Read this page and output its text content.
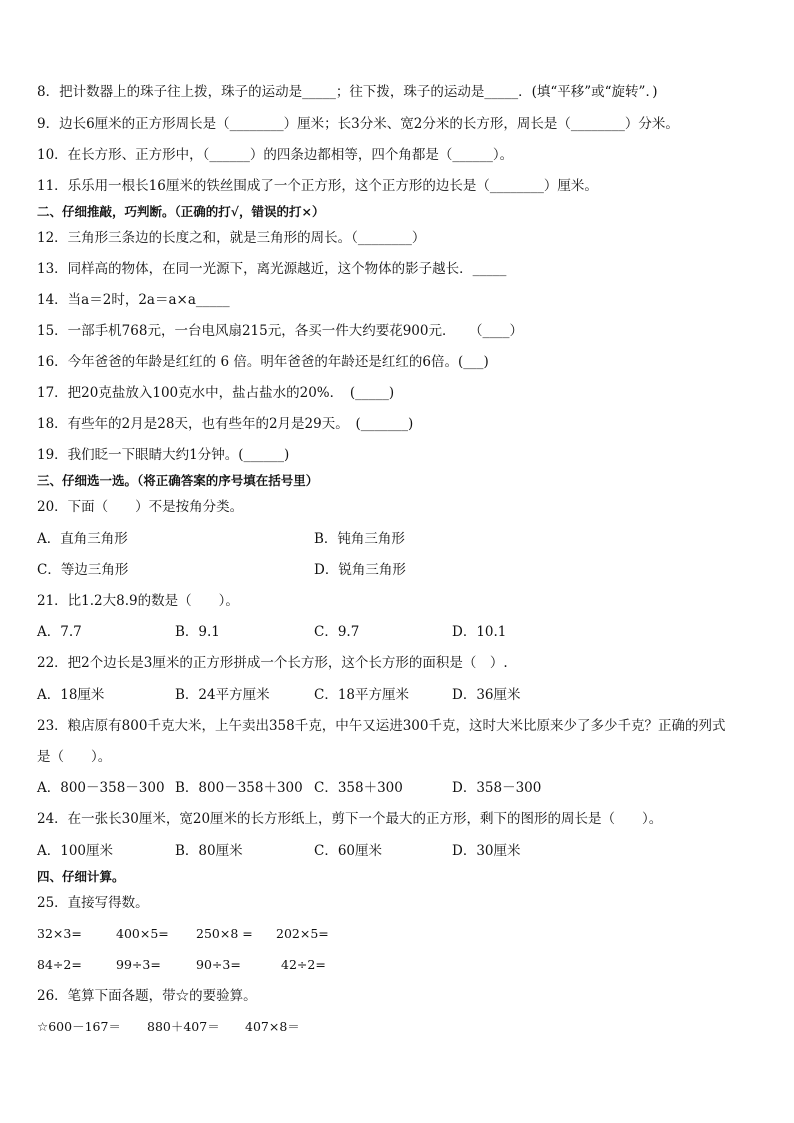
8．把计数器上的珠子往上拨，珠子的运动是_____；往下拨，珠子的运动是_____．(填“平移”或“旋转”．)
9．边长6厘米的正方形周长是（________）厘米；长3分米、宽2分米的长方形，周长是（________）分米。
10．在长方形、正方形中，（______）的四条边都相等，四个角都是（______）。
11．乐乐用一根长16厘米的铁丝围成了一个正方形，这个正方形的边长是（________）厘米。
二、仔细推敲，巧判断。（正确的打√，错误的打×）
12．三角形三条边的长度之和，就是三角形的周长。（________）
13．同样高的物体，在同一光源下，离光源越近，这个物体的影子越长．_____
14．当a＝2时，2a＝a×a_____
15．一部手机768元，一台电风扇215元，各买一件大约要花900元．　　（____）
16．今年爸爸的年龄是红红的 6 倍。明年爸爸的年龄还是红红的6倍。(___)
17．把20克盐放入100克水中，盐占盐水的20%．　(_____)
18．有些年的2月是28天，也有些年的2月是29天。　(_______)
19．我们眨一下眼睛大约1分钟。(______)
三、仔细选一选。（将正确答案的序号填在括号里）
20．下面（　　）不是按角分类。
A．直角三角形	B．钝角三角形
C．等边三角形	D．锐角三角形
21．比1.2大8.9的数是（　　）。
A．7.7	B．9.1	C．9.7	D．10.1
22．把2个边长是3厘米的正方形拼成一个长方形，这个长方形的面积是（　）.
A．18厘米	B．24平方厘米	C．18平方厘米	D．36厘米
23．粮店原有800千克大米，上午卖出358千克，中午又运进300千克，这时大米比原来少了多少千克？正确的列式
是（　　）。
A．800－358－300 B．800－358＋300 C．358＋300	D．358－300
24．在一张长30厘米，宽20厘米的长方形纸上，剪下一个最大的正方形，剩下的图形的周长是（　　）。
A．100厘米	B．80厘米	C．60厘米	D．30厘米
四、仔细计算。
25．直接写得数。
32×3=	400×5= 250×8 = 202×5=
84÷2=	99÷3=	90÷3=	42÷2=
26．笔算下面各题，带☆的要验算。
☆600－167＝ 880＋407＝ 407×8＝
